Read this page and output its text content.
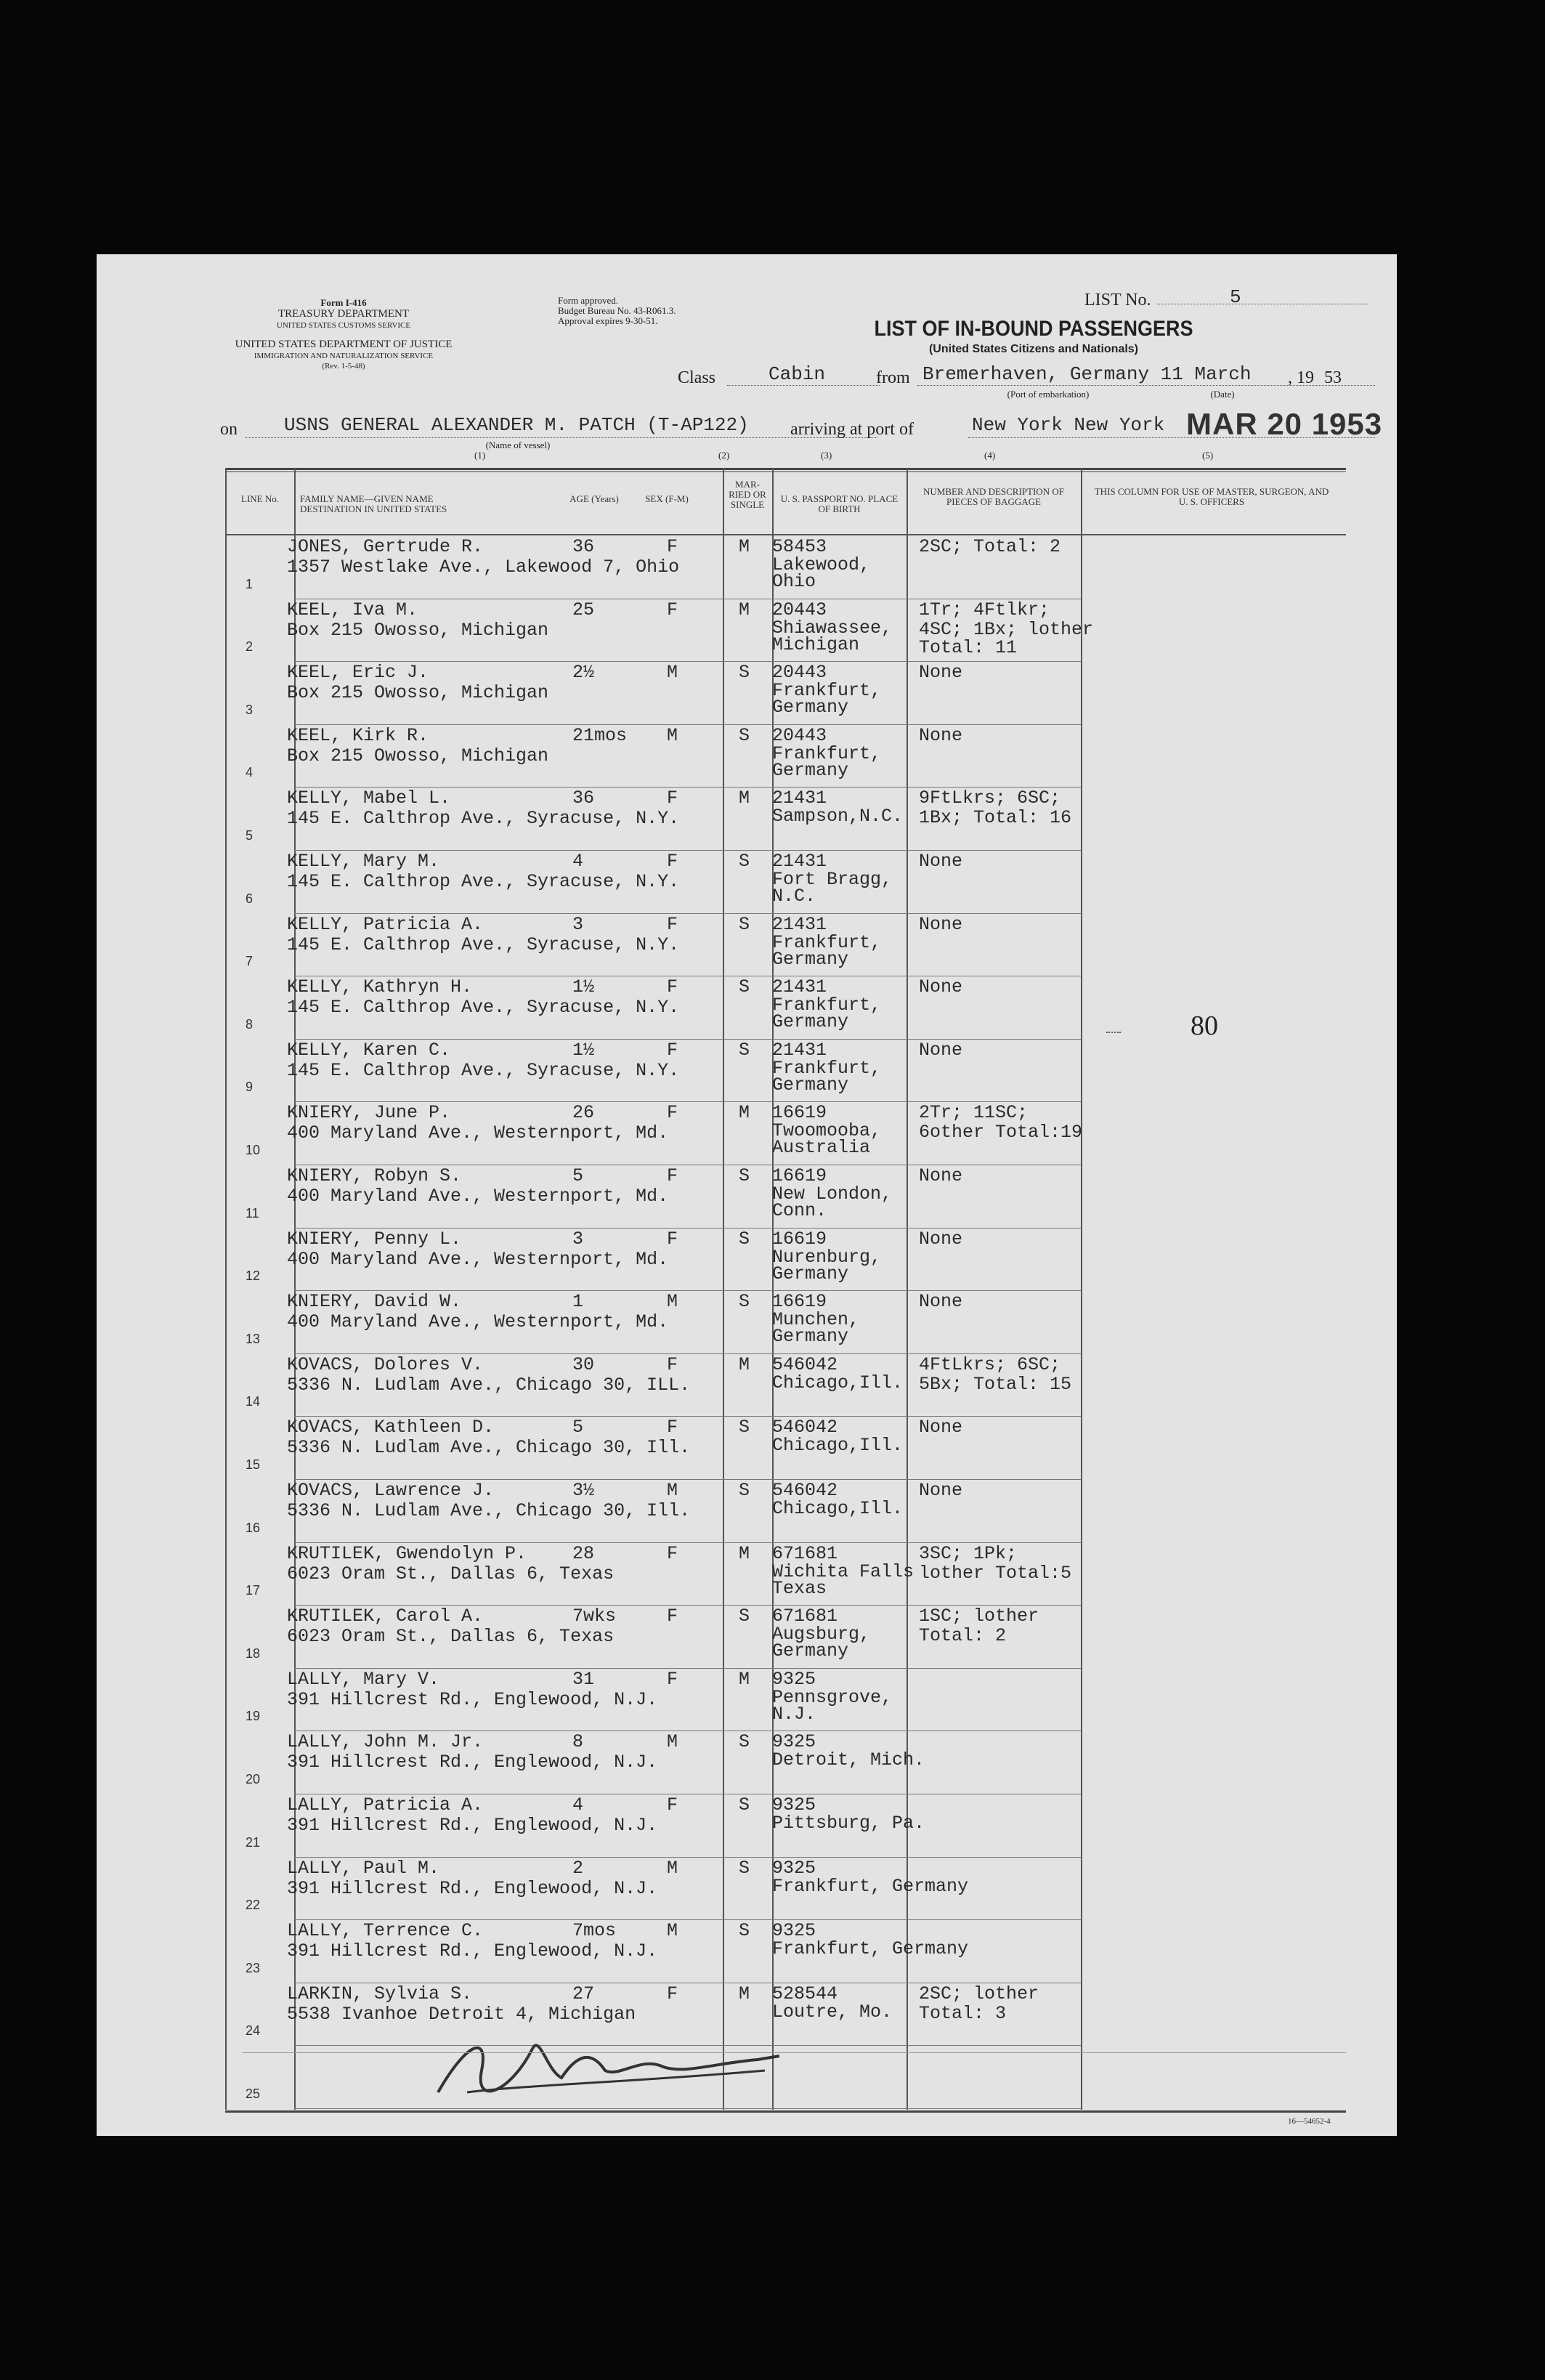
Form I-416
TREASURY DEPARTMENT
UNITED STATES CUSTOMS SERVICE
UNITED STATES DEPARTMENT OF JUSTICE
IMMIGRATION AND NATURALIZATION SERVICE
(Rev. 1-5-48)
Form approved.
Budget Bureau No. 43-R061.3.
Approval expires 9-30-51.
LIST No.	5
LIST OF IN-BOUND PASSENGERS
(United States Citizens and Nationals)
Class	Cabin	from Bremerhaven, Germany 11 March , 19 53
(Port of embarkation)	(Date)
on USNS GENERAL ALEXANDER M. PATCH (T-AP122)
(Name of vessel)
arriving at port of	New York New York MAR 20 1953
(1)	(2)	(3)	(4)	(5)
LINE No.	FAMILY NAME—GIVEN NAME
DESTINATION IN UNITED STATES
AGE (Years)	SEX (F-M)
MAR-RIED OR SINGLE
U. S. PASSPORT NO. PLACE OF BIRTH
NUMBER AND DESCRIPTION OF PIECES OF BAGGAGE
THIS COLUMN FOR USE OF MASTER, SURGEON, AND U. S. OFFICERS
1
JONES, Gertrude R.
1357 Westlake Ave., Lakewood 7, Ohio
36	F	M 58453
Lakewood,
Ohio
2SC; Total: 2
2
KEEL, Iva M.
Box 215 Owosso, Michigan
25	F	M 20443
Shiawassee,
Michigan
1Tr; 4Ftlkr;
4SC; 1Bx; lother
Total: 11
3
KEEL, Eric J.
Box 215 Owosso, Michigan
2½	M	S 20443
Frankfurt,
Germany
None
4
KEEL, Kirk R.
Box 215 Owosso, Michigan
21mos M	S 20443
Frankfurt,
Germany
None
5
KELLY, Mabel L.
145 E. Calthrop Ave., Syracuse, N.Y.
36	F	M 21431
Sampson,N.C.
9FtLkrs; 6SC;
1Bx; Total: 16
6
KELLY, Mary M.
145 E. Calthrop Ave., Syracuse, N.Y.
4	F	S 21431
Fort Bragg,
N.C.
None
7
KELLY, Patricia A.
145 E. Calthrop Ave., Syracuse, N.Y.
3	F	S 21431
Frankfurt,
Germany
None
8
KELLY, Kathryn H.
145 E. Calthrop Ave., Syracuse, N.Y.
1½	F	S 21431
Frankfurt,
Germany
None
9
KELLY, Karen C.
145 E. Calthrop Ave., Syracuse, N.Y.
1½	F	S 21431
Frankfurt,
Germany
None
10
KNIERY, June P.
400 Maryland Ave., Westernport, Md.
26	F	M 16619
Twoomooba,
Australia
2Tr; 11SC;
6other Total:19
11
KNIERY, Robyn S.
400 Maryland Ave., Westernport, Md.
5	F	S 16619
New London,
Conn.
None
12
KNIERY, Penny L.
400 Maryland Ave., Westernport, Md.
3	F	S 16619
Nurenburg,
Germany
None
13
KNIERY, David W.
400 Maryland Ave., Westernport, Md.
1	M	S 16619
Munchen,
Germany
None
14
KOVACS, Dolores V.
5336 N. Ludlam Ave., Chicago 30, ILL.
30	F	M 546042
Chicago,Ill.
4FtLkrs; 6SC;
5Bx; Total: 15
15
KOVACS, Kathleen D.
5336 N. Ludlam Ave., Chicago 30, Ill.
5	F	S 546042
Chicago,Ill.
None
16
KOVACS, Lawrence J.
5336 N. Ludlam Ave., Chicago 30, Ill.
3½	M	S 546042
Chicago,Ill.
None
17
KRUTILEK, Gwendolyn P.
6023 Oram St., Dallas 6, Texas
28	F	M 671681
Wichita Falls
Texas
3SC; 1Pk;
lother Total:5
18
KRUTILEK, Carol A.
6023 Oram St., Dallas 6, Texas
7wks	F	S 671681
Augsburg,
Germany
1SC; lother
Total: 2
19
LALLY, Mary V.
391 Hillcrest Rd., Englewood, N.J.
31	F	M 9325
Pennsgrove,
N.J.
20
LALLY, John M. Jr.
391 Hillcrest Rd., Englewood, N.J.
8	M	S 9325
Detroit, Mich.
21
LALLY, Patricia A.
391 Hillcrest Rd., Englewood, N.J.
4	F	S 9325
Pittsburg, Pa.
22
LALLY, Paul M.
391 Hillcrest Rd., Englewood, N.J.
2	M	S 9325
Frankfurt, Germany
23
LALLY, Terrence C.
391 Hillcrest Rd., Englewood, N.J.
7mos	M	S 9325
Frankfurt, Germany
24
LARKIN, Sylvia S.
5538 Ivanhoe Detroit 4, Michigan
27	F	M 528544
Loutre, Mo.
2SC; lother
Total: 3
25
80
16—54652-4
